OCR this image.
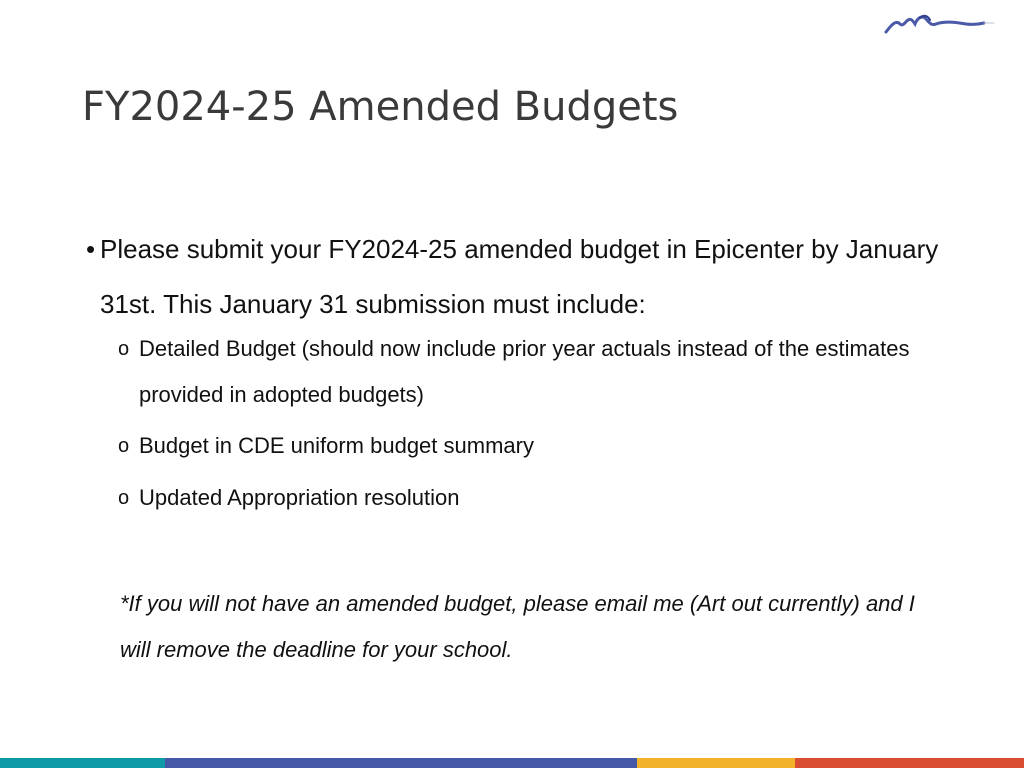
FY2024-25 Amended Budgets
• Please submit your FY2024-25 amended budget in Epicenter by January 31st. This January 31 submission must include:
o Detailed Budget (should now include prior year actuals instead of the estimates provided in adopted budgets)
o Budget in CDE uniform budget summary
o Updated Appropriation resolution
*If you will not have an amended budget, please email me (Art out currently) and I will remove the deadline for your school.
